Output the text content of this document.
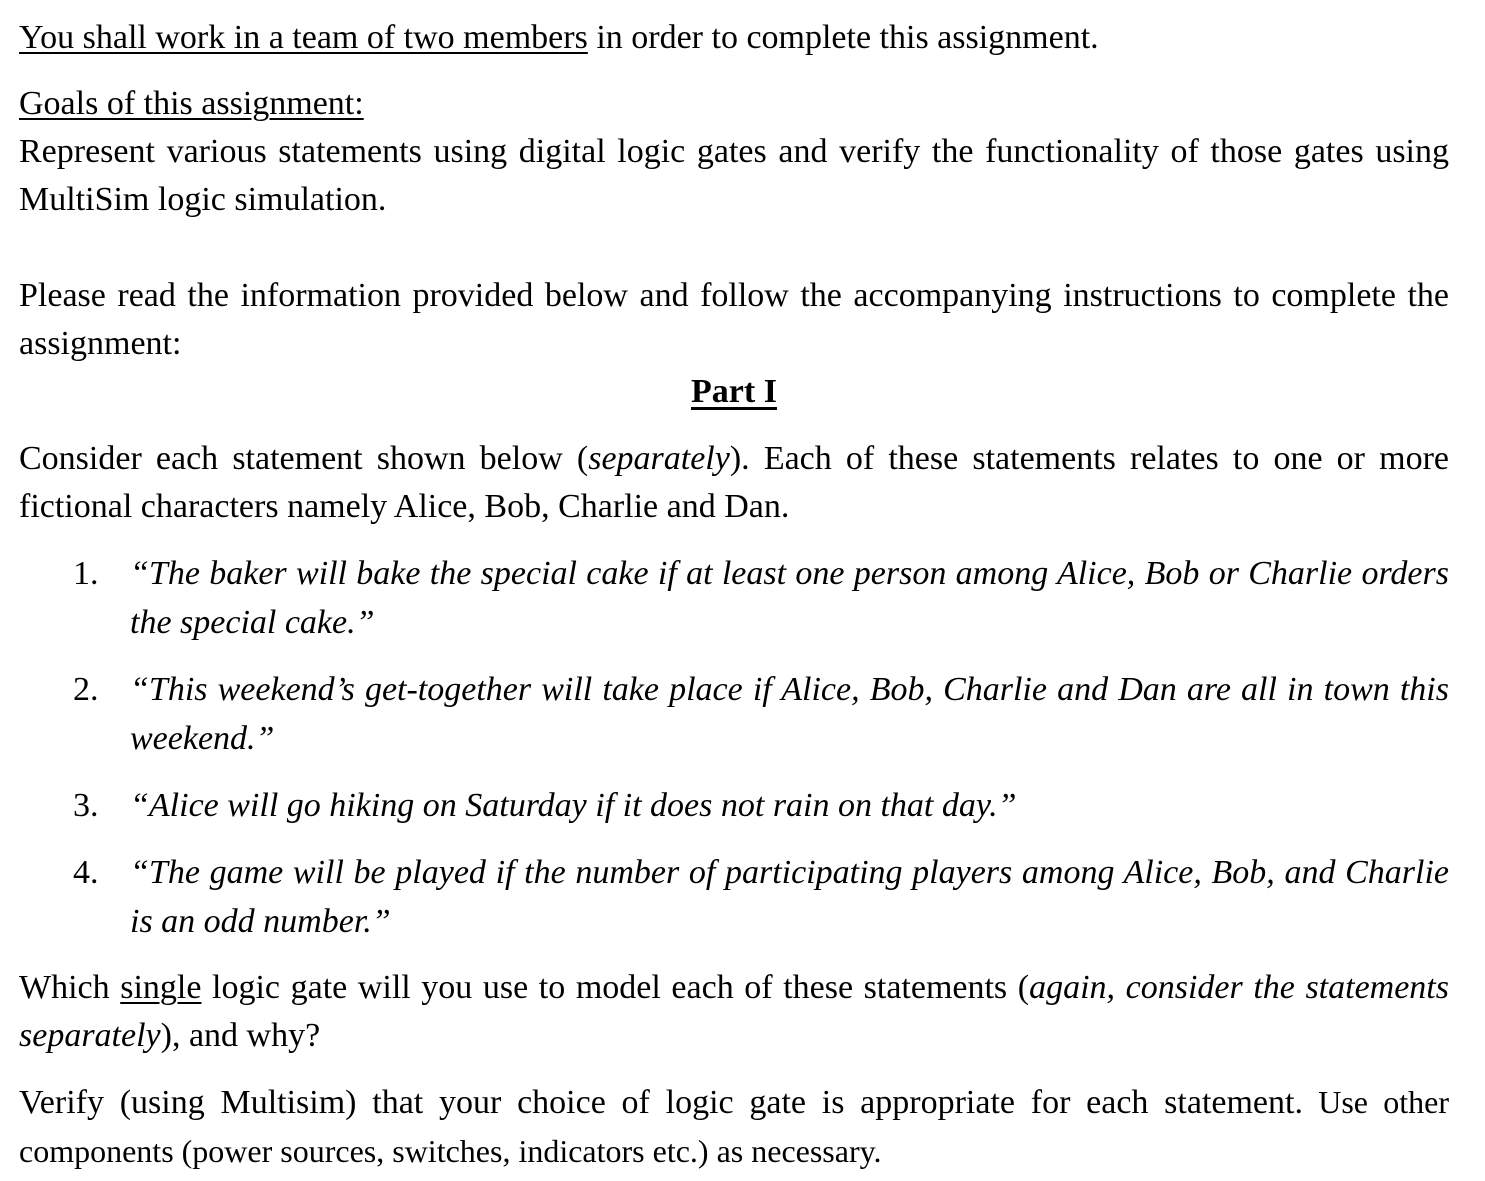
You shall work in a team of two members in order to complete this assignment.

Goals of this assignment:

Represent various statements using digital logic gates and verify the functionality of those gates using MultiSim logic simulation.

Please read the information provided below and follow the accompanying instructions to complete the assignment:

Part I

Consider each statement shown below (separately). Each of these statements relates to one or more fictional characters namely Alice, Bob, Charlie and Dan.

1. “The baker will bake the special cake if at least one person among Alice, Bob or Charlie orders the special cake.”
2. “This weekend’s get-together will take place if Alice, Bob, Charlie and Dan are all in town this weekend.”
3. “Alice will go hiking on Saturday if it does not rain on that day.”
4. “The game will be played if the number of participating players among Alice, Bob, and Charlie is an odd number.”

Which single logic gate will you use to model each of these statements (again, consider the statements separately), and why?

Verify (using Multisim) that your choice of logic gate is appropriate for each statement. Use other components (power sources, switches, indicators etc.) as necessary.
